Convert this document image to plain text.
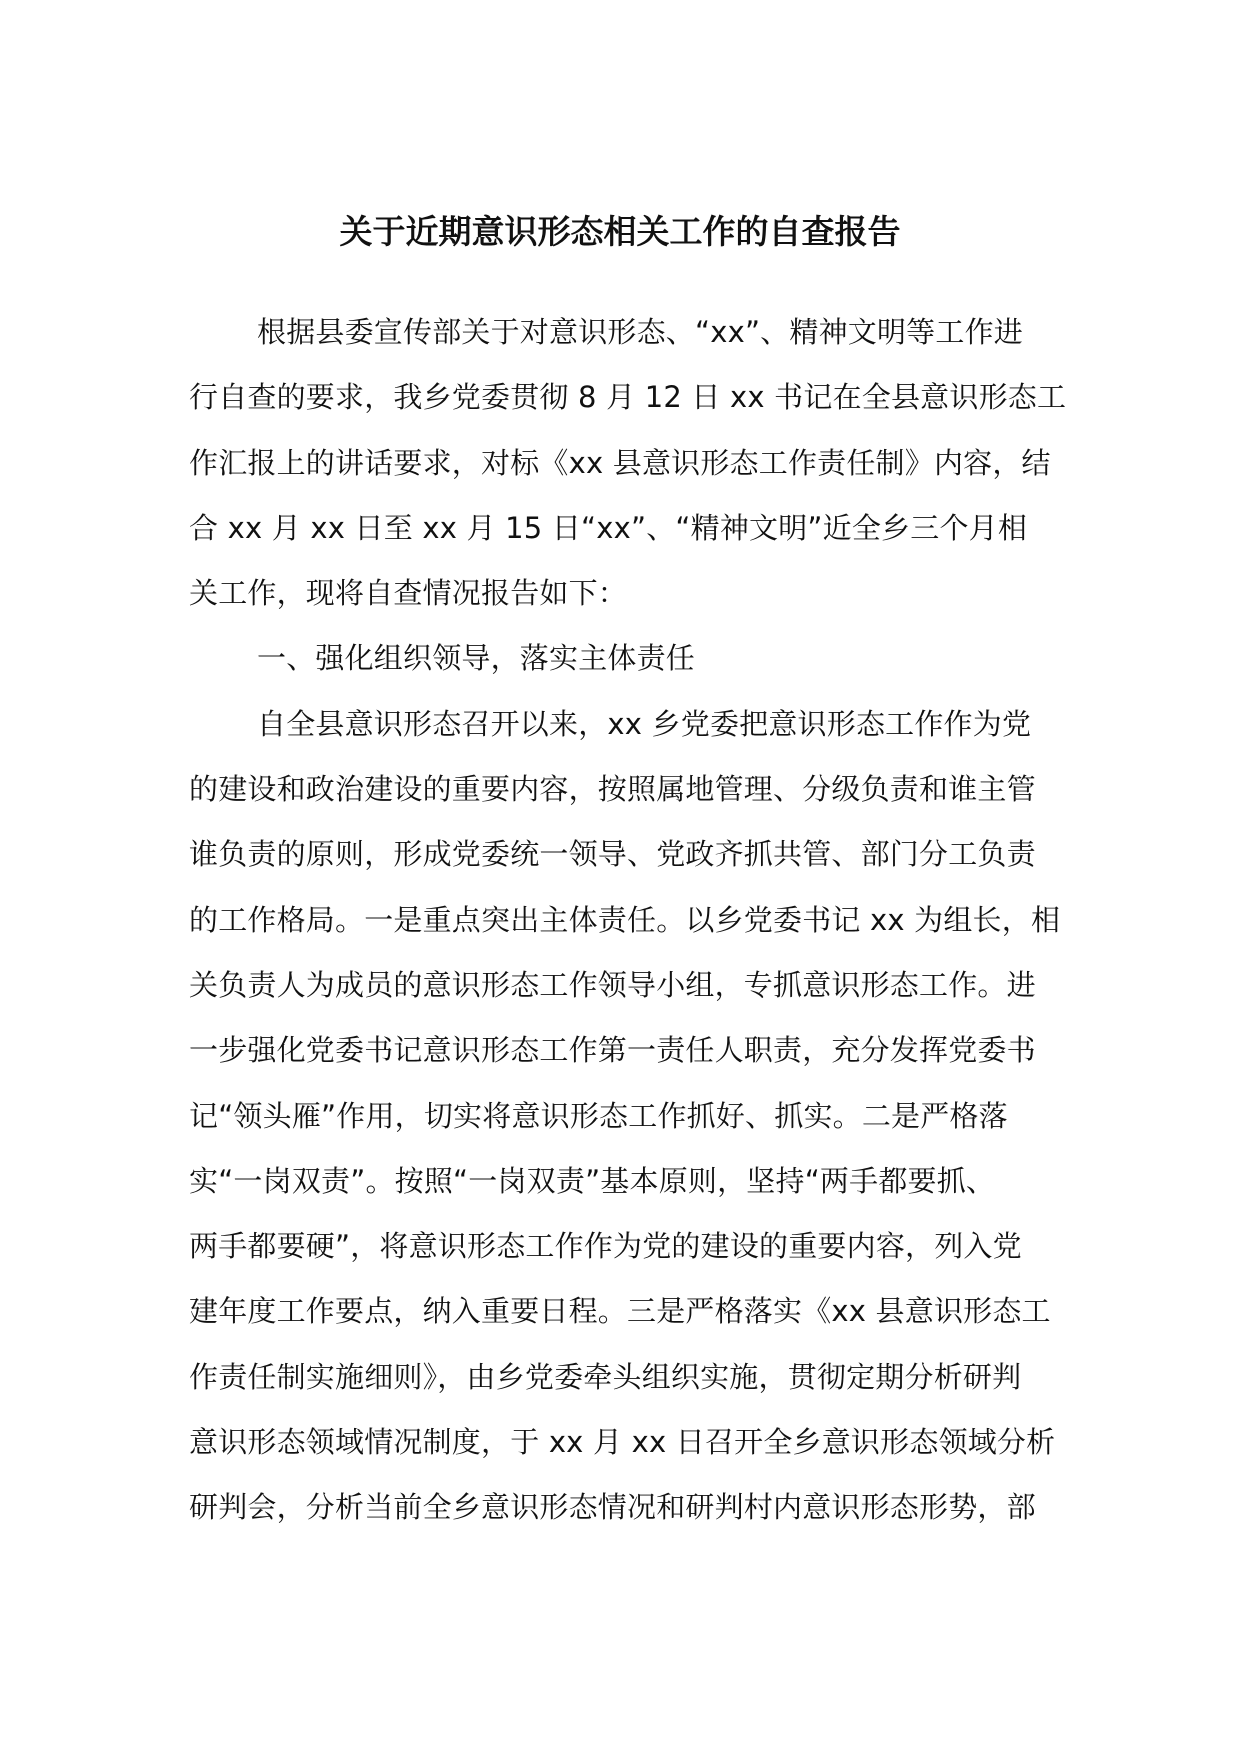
关于近期意识形态相关工作的自查报告
根据县委宣传部关于对意识形态、“xx”、精神文明等工作进
行自查的要求，我乡党委贯彻 8 月 12 日 xx 书记在全县意识形态工
作汇报上的讲话要求，对标《xx 县意识形态工作责任制》内容，结
合 xx 月 xx 日至 xx 月 15 日“xx”、“精神文明”近全乡三个月相
关工作，现将自查情况报告如下：
一、强化组织领导，落实主体责任
自全县意识形态召开以来，xx 乡党委把意识形态工作作为党
的建设和政治建设的重要内容，按照属地管理、分级负责和谁主管
谁负责的原则，形成党委统一领导、党政齐抓共管、部门分工负责
的工作格局。一是重点突出主体责任。以乡党委书记 xx 为组长，相
关负责人为成员的意识形态工作领导小组，专抓意识形态工作。进
一步强化党委书记意识形态工作第一责任人职责，充分发挥党委书
记“领头雁”作用，切实将意识形态工作抓好、抓实。二是严格落
实“一岗双责”。按照“一岗双责”基本原则，坚持“两手都要抓、
两手都要硬”，将意识形态工作作为党的建设的重要内容，列入党
建年度工作要点，纳入重要日程。三是严格落实《xx 县意识形态工
作责任制实施细则》，由乡党委牵头组织实施，贯彻定期分析研判
意识形态领域情况制度，于 xx 月 xx 日召开全乡意识形态领域分析
研判会，分析当前全乡意识形态情况和研判村内意识形态形势，部
